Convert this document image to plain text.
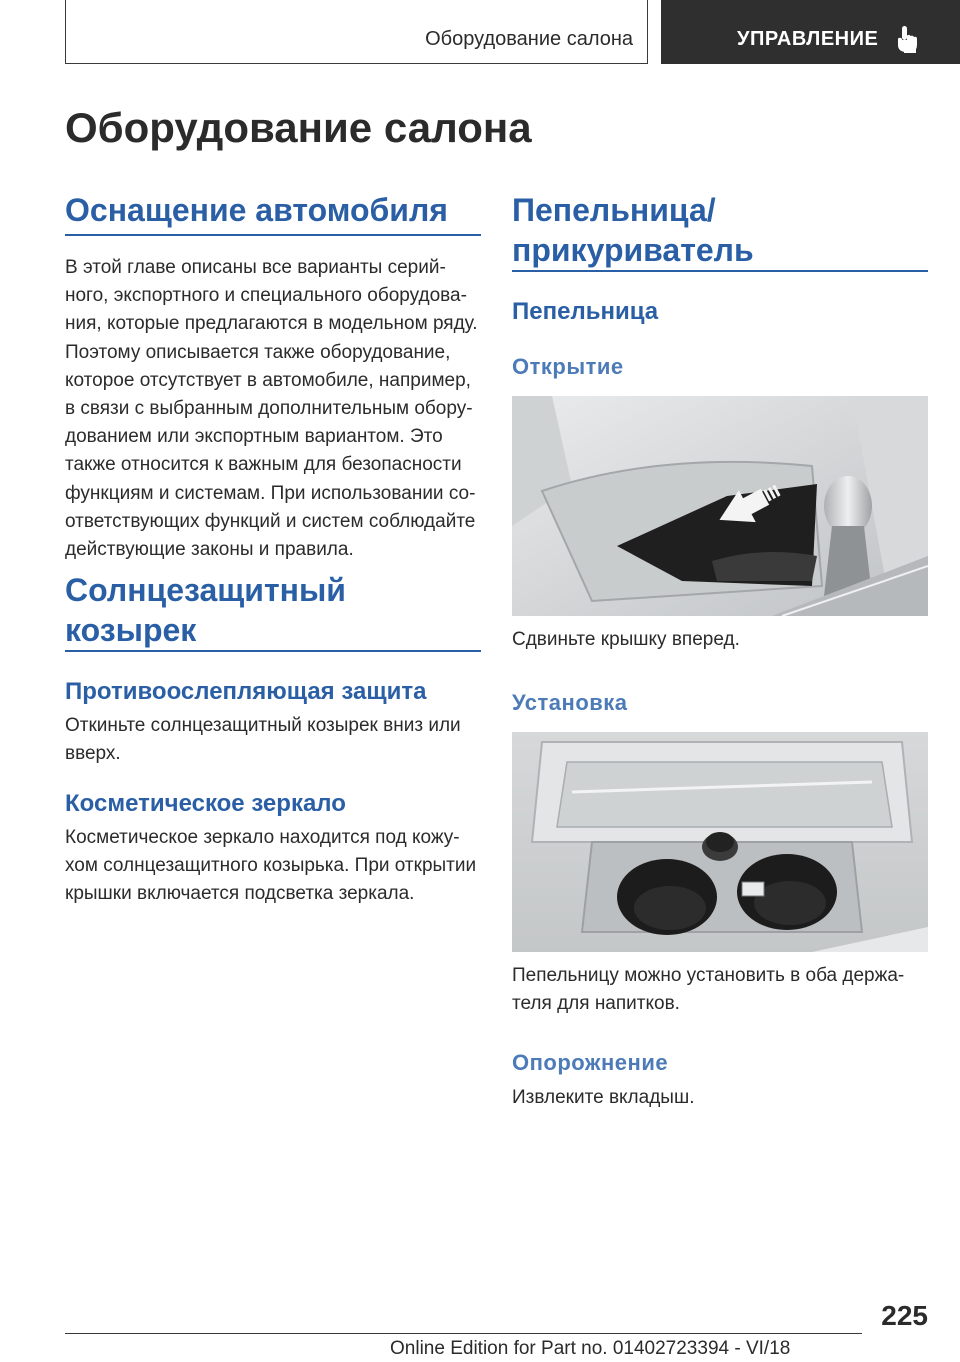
Оборудование салона	УПРАВЛЕНИЕ
Оборудование салона
Оснащение автомобиля
В этой главе описаны все варианты серий-
ного, экспортного и специального оборудова-
ния, которые предлагаются в модельном ряду.
Поэтому описывается также оборудование,
которое отсутствует в автомобиле, например,
в связи с выбранным дополнительным обору-
дованием или экспортным вариантом. Это
также относится к важным для безопасности
функциям и системам. При использовании со-
ответствующих функций и систем соблюдайте
действующие законы и правила.
Солнцезащитный
козырек
Противоослепляющая защита
Откиньте солнцезащитный козырек вниз или
вверх.
Косметическое зеркало
Косметическое зеркало находится под кожу-
хом солнцезащитного козырька. При открытии
крышки включается подсветка зеркала.
Пепельница/
прикуриватель
Пепельница
Открытие
Сдвиньте крышку вперед.
Установка
Пепельницу можно установить в оба держа-
теля для напитков.
Опорожнение
Извлеките вкладыш.
225
Online Edition for Part no. 01402723394 - VI/18
